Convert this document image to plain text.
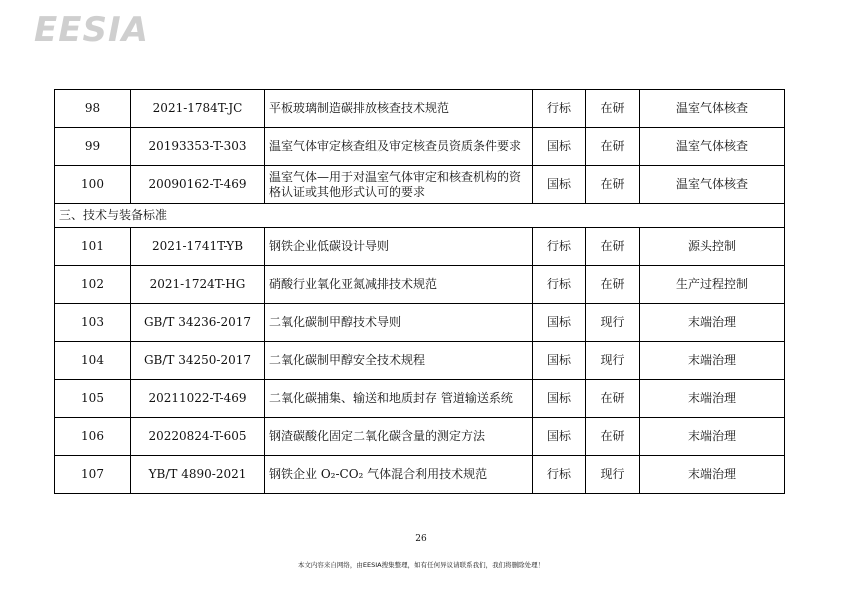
EESIA
98	2021-1784T-JC	平板玻璃制造碳排放核查技术规范	行标	在研	温室气体核查
99	20193353-T-303	温室气体审定核查组及审定核查员资质条件要求	国标	在研	温室气体核查
100	20090162-T-469	温室气体—用于对温室气体审定和核查机构的资格认证或其他形式认可的要求	国标	在研	温室气体核查
三、技术与装备标准					
101	2021-1741T-YB	钢铁企业低碳设计导则	行标	在研	源头控制
102	2021-1724T-HG	硝酸行业氧化亚氮减排技术规范	行标	在研	生产过程控制
103	GB/T 34236-2017	二氧化碳制甲醇技术导则	国标	现行	末端治理
104	GB/T 34250-2017	二氧化碳制甲醇安全技术规程	国标	现行	末端治理
105	20211022-T-469	二氧化碳捕集、输送和地质封存 管道输送系统	国标	在研	末端治理
106	20220824-T-605	钢渣碳酸化固定二氧化碳含量的测定方法	国标	在研	末端治理
107	YB/T 4890-2021	钢铁企业 O₂-CO₂ 气体混合利用技术规范	行标	现行	末端治理
26
本文内容来自网络，由EESIA搜集整理，如有任何异议请联系我们，我们将删除处理！
